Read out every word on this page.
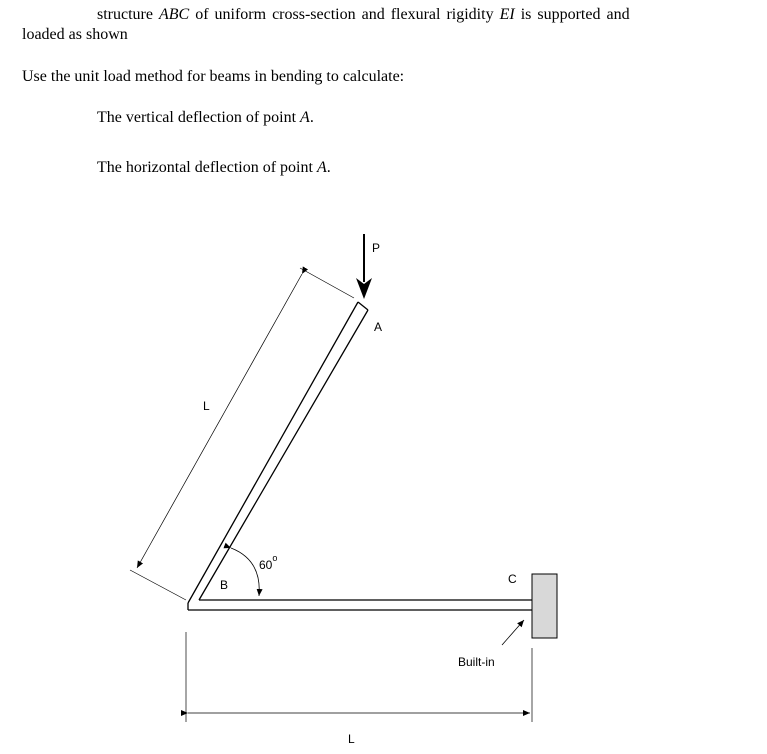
structure ABC of uniform cross-section and flexural rigidity EI is supported and
loaded as shown
Use the unit load method for beams in bending to calculate:
The vertical deflection of point A.
The horizontal deflection of point A.
P
A
L
60$^o$
B	C
Built-in
L
